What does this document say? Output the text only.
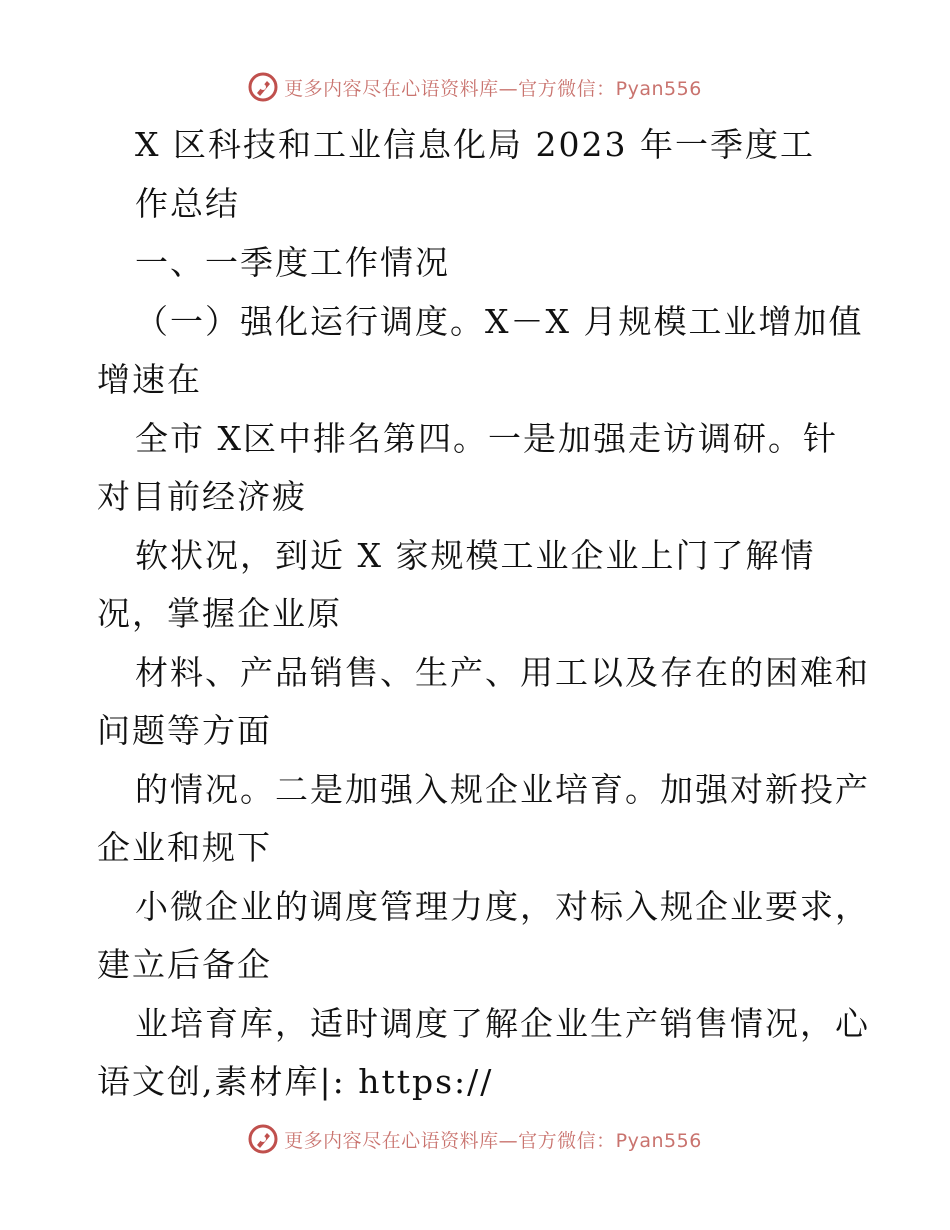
更多内容尽在心语资料库—官方微信：Pyan556
X 区科技和工业信息化局 2023 年一季度工
作总结
一、一季度工作情况
（一）强化运行调度。X－X 月规模工业增加值
增速在
全市 X区中排名第四。一是加强走访调研。针
对目前经济疲
软状况，到近 X 家规模工业企业上门了解情
况，掌握企业原
材料、产品销售、生产、用工以及存在的困难和
问题等方面
的情况。二是加强入规企业培育。加强对新投产
企业和规下
小微企业的调度管理力度，对标入规企业要求，
建立后备企
业培育库，适时调度了解企业生产销售情况，心
语文创,素材库|: https://
更多内容尽在心语资料库—官方微信：Pyan556
